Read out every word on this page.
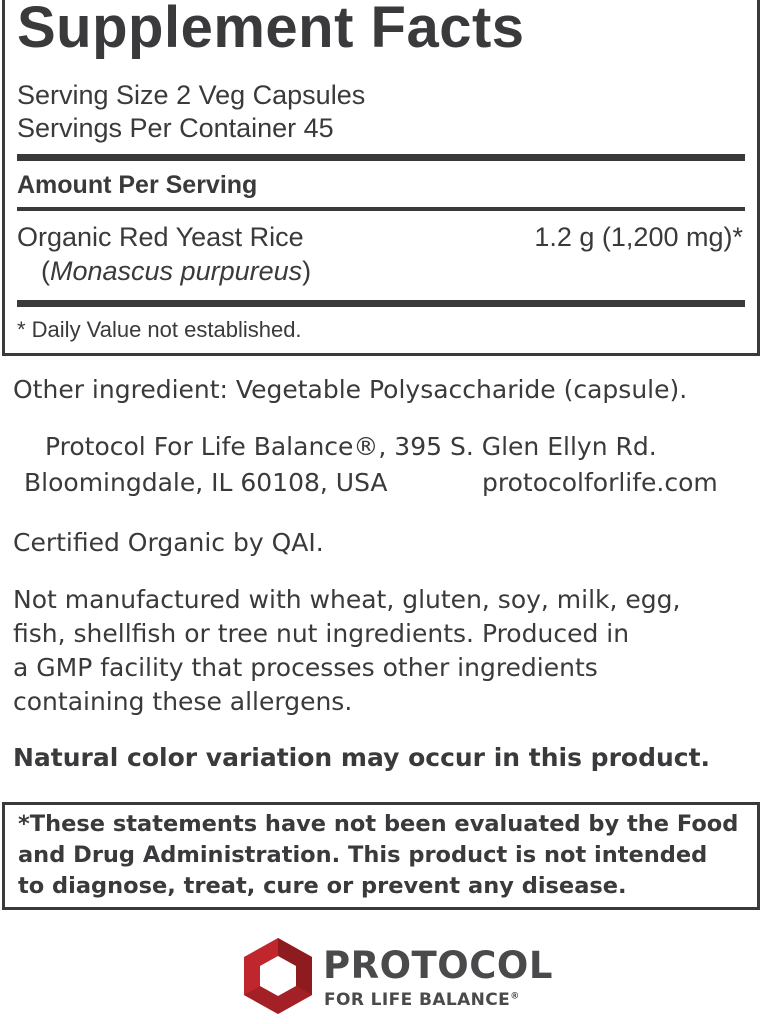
Supplement Facts
Serving Size 2 Veg Capsules
Servings Per Container 45
Amount Per Serving
Organic Red Yeast Rice
(Monascus purpureus)
1.2 g (1,200 mg)*
* Daily Value not established.
Other ingredient: Vegetable Polysaccharide (capsule).
Protocol For Life Balance®, 395 S. Glen Ellyn Rd.
Bloomingdale, IL 60108, USA	protocolforlife.com
Certified Organic by QAI.
Not manufactured with wheat, gluten, soy, milk, egg,
fish, shellfish or tree nut ingredients. Produced in
a GMP facility that processes other ingredients
containing these allergens.
Natural color variation may occur in this product.
*These statements have not been evaluated by the Food
and Drug Administration. This product is not intended
to diagnose, treat, cure or prevent any disease.
PROTOCOL
FOR LIFE BALANCE®
